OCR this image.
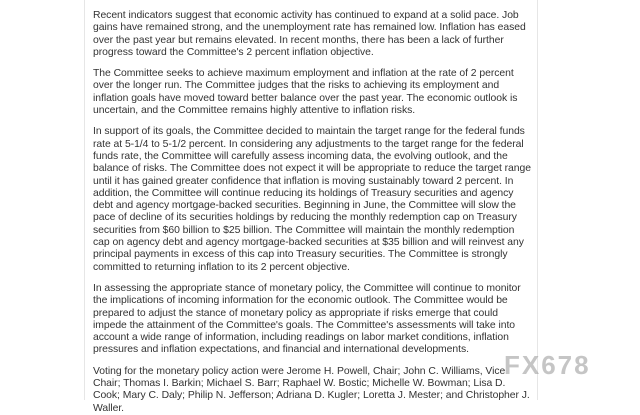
Recent indicators suggest that economic activity has continued to expand at a solid pace. Job gains have remained strong, and the unemployment rate has remained low. Inflation has eased over the past year but remains elevated. In recent months, there has been a lack of further progress toward the Committee's 2 percent inflation objective.

The Committee seeks to achieve maximum employment and inflation at the rate of 2 percent over the longer run. The Committee judges that the risks to achieving its employment and inflation goals have moved toward better balance over the past year. The economic outlook is uncertain, and the Committee remains highly attentive to inflation risks.

In support of its goals, the Committee decided to maintain the target range for the federal funds rate at 5-1/4 to 5-1/2 percent. In considering any adjustments to the target range for the federal funds rate, the Committee will carefully assess incoming data, the evolving outlook, and the balance of risks. The Committee does not expect it will be appropriate to reduce the target range until it has gained greater confidence that inflation is moving sustainably toward 2 percent. In addition, the Committee will continue reducing its holdings of Treasury securities and agency debt and agency mortgage-backed securities. Beginning in June, the Committee will slow the pace of decline of its securities holdings by reducing the monthly redemption cap on Treasury securities from $60 billion to $25 billion. The Committee will maintain the monthly redemption cap on agency debt and agency mortgage-backed securities at $35 billion and will reinvest any principal payments in excess of this cap into Treasury securities. The Committee is strongly committed to returning inflation to its 2 percent objective.

In assessing the appropriate stance of monetary policy, the Committee will continue to monitor the implications of incoming information for the economic outlook. The Committee would be prepared to adjust the stance of monetary policy as appropriate if risks emerge that could impede the attainment of the Committee's goals. The Committee's assessments will take into account a wide range of information, including readings on labor market conditions, inflation pressures and inflation expectations, and financial and international developments.

Voting for the monetary policy action were Jerome H. Powell, Chair; John C. Williams, Vice Chair; Thomas I. Barkin; Michael S. Barr; Raphael W. Bostic; Michelle W. Bowman; Lisa D. Cook; Mary C. Daly; Philip N. Jefferson; Adriana D. Kugler; Loretta J. Mester; and Christopher J. Waller.

FX678
